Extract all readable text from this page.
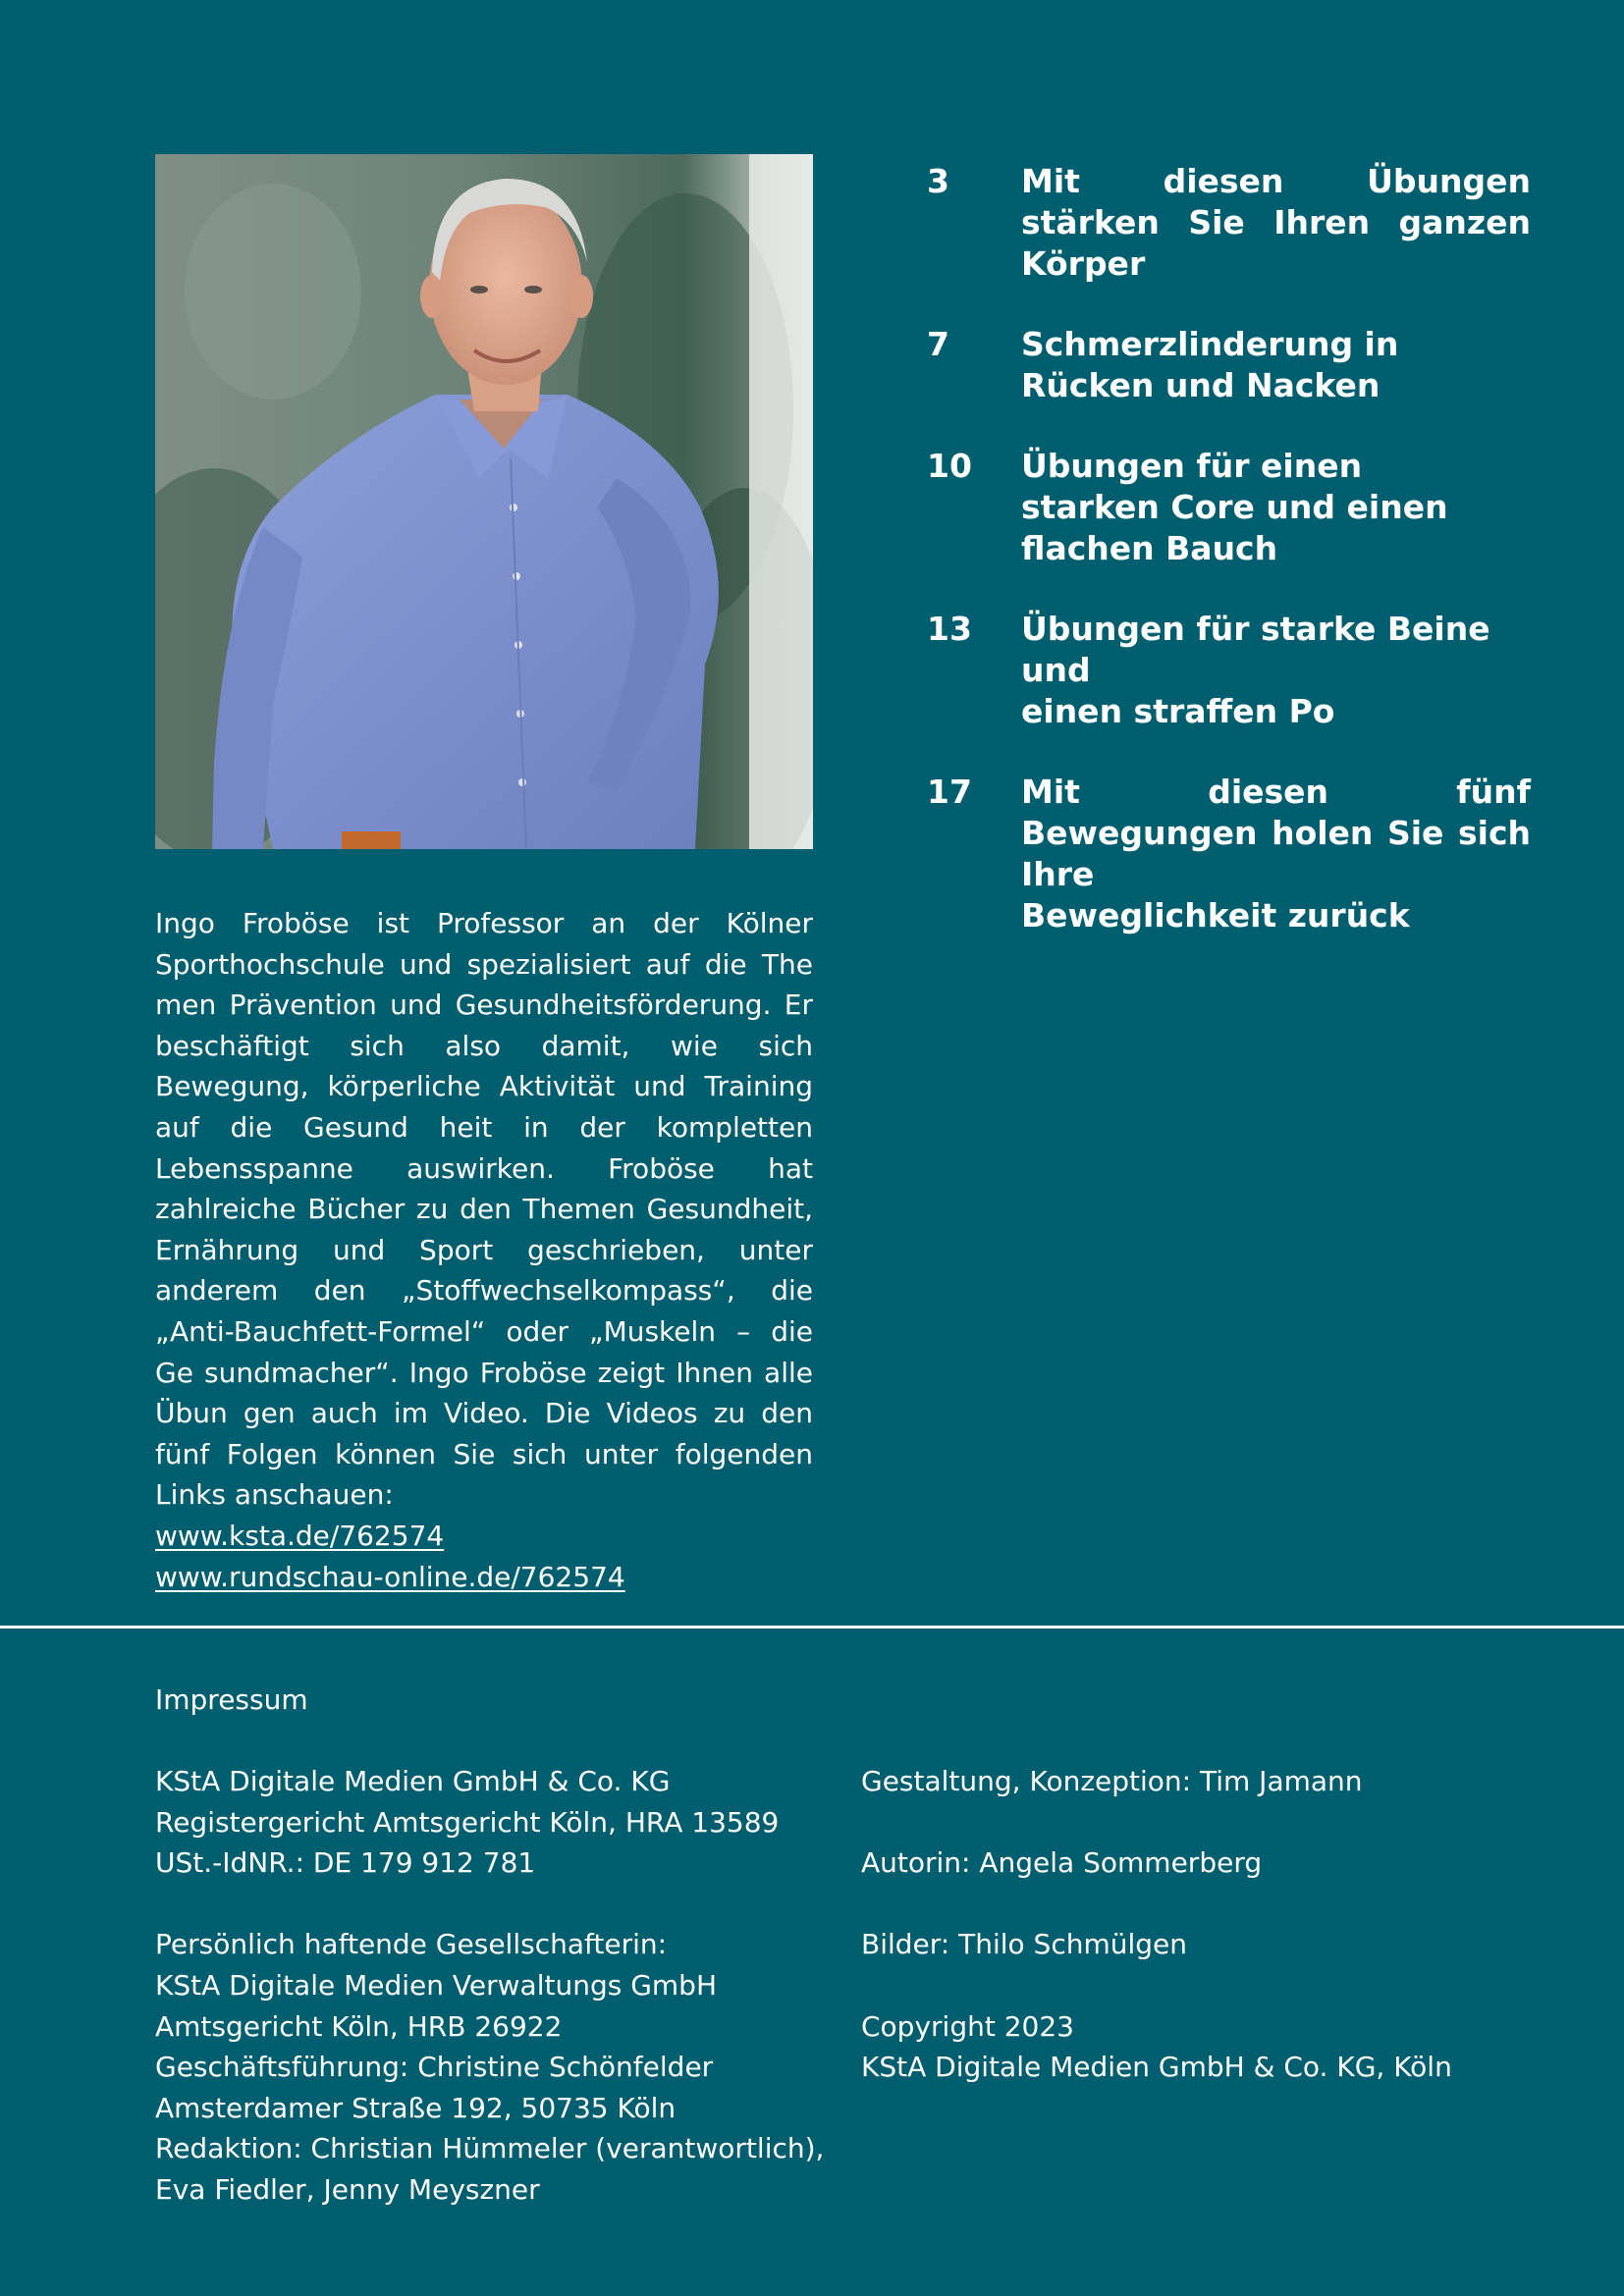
Ingo Froböse ist Professor an der Kölner Sporthochschule und spezialisiert auf die The men Prävention und Gesundheitsförderung. Er beschäftigt sich also damit, wie sich Bewegung, körperliche Aktivität und Training auf die Gesund heit in der kompletten Lebensspanne auswirken. Froböse hat zahlreiche Bücher zu den Themen Gesundheit, Ernährung und Sport geschrieben, unter anderem den „Stoffwechselkompass“, die „Anti-Bauchfett-Formel“ oder „Muskeln – die Ge sundmacher“. Ingo Froböse zeigt Ihnen alle Übun gen auch im Video. Die Videos zu den fünf Folgen können Sie sich unter folgenden Links anschauen:

www.ksta.de/762574
www.rundschau-online.de/762574

3	Mit diesen Übungen stärken Sie Ihren ganzen Körper
7	Schmerzlinderung in
Rücken und Nacken
10	Übungen für einen
starken Core und einen
flachen Bauch
13	Übungen für starke Beine und
einen straffen Po
17	Mit diesen fünf Bewegungen holen Sie sich Ihre
Beweglichkeit zurück
Impressum
KStA Digitale Medien GmbH & Co. KG
Registergericht Amtsgericht Köln, HRA 13589
USt.-IdNR.: DE 179 912 781
Persönlich haftende Gesellschafterin:
KStA Digitale Medien Verwaltungs GmbH
Amtsgericht Köln, HRB 26922
Geschäftsführung: Christine Schönfelder
Amsterdamer Straße 192, 50735 Köln
Redaktion: Christian Hümmeler (verantwortlich),
Eva Fiedler, Jenny Meyszner
Gestaltung, Konzeption: Tim Jamann
Autorin: Angela Sommerberg
Bilder: Thilo Schmülgen
Copyright 2023
KStA Digitale Medien GmbH & Co. KG, Köln
